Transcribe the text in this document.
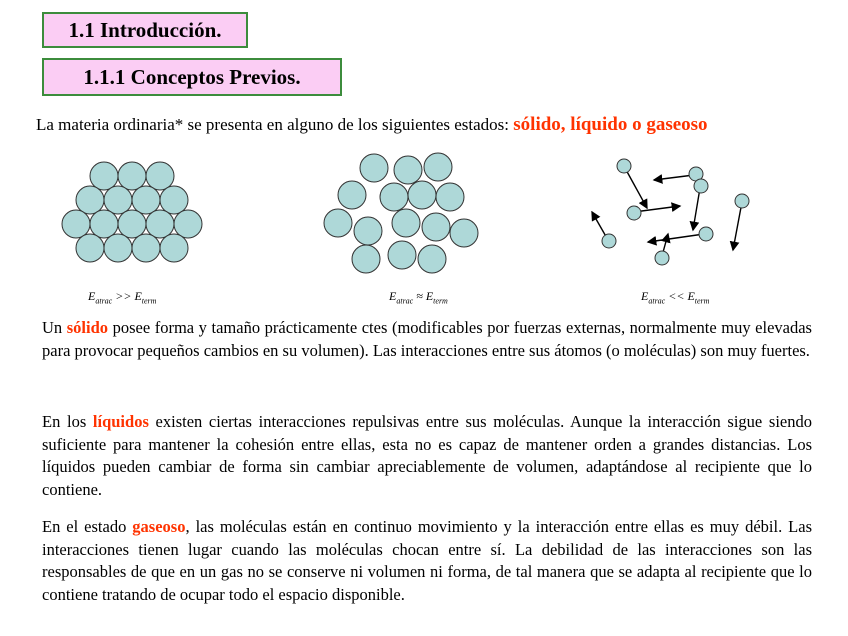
1.1 Introducción.
1.1.1 Conceptos Previos.
La materia ordinaria* se presenta en alguno de los siguientes estados: sólido, líquido o gaseoso
$E_{atrac} >> E_{term}$	$E_{atrac} \approx E_{term}$	$E_{atrac} << E_{term}$

Un sólido posee forma y tamaño prácticamente ctes (modificables por fuerzas externas, normalmente muy elevadas para provocar pequeños cambios en su volumen). Las interacciones entre sus átomos (o moléculas) son muy fuertes.

En los líquidos existen ciertas interacciones repulsivas entre sus moléculas. Aunque la interacción sigue siendo suficiente para mantener la cohesión entre ellas, esta no es capaz de mantener orden a grandes distancias. Los líquidos pueden cambiar de forma sin cambiar apreciablemente de volumen, adaptándose al recipiente que lo contiene.

En el estado gaseoso, las moléculas están en continuo movimiento y la interacción entre ellas es muy débil. Las interacciones tienen lugar cuando las moléculas chocan entre sí. La debilidad de las interacciones son las responsables de que en un gas no se conserve ni volumen ni forma, de tal manera que se adapta al recipiente que lo contiene tratando de ocupar todo el espacio disponible.
